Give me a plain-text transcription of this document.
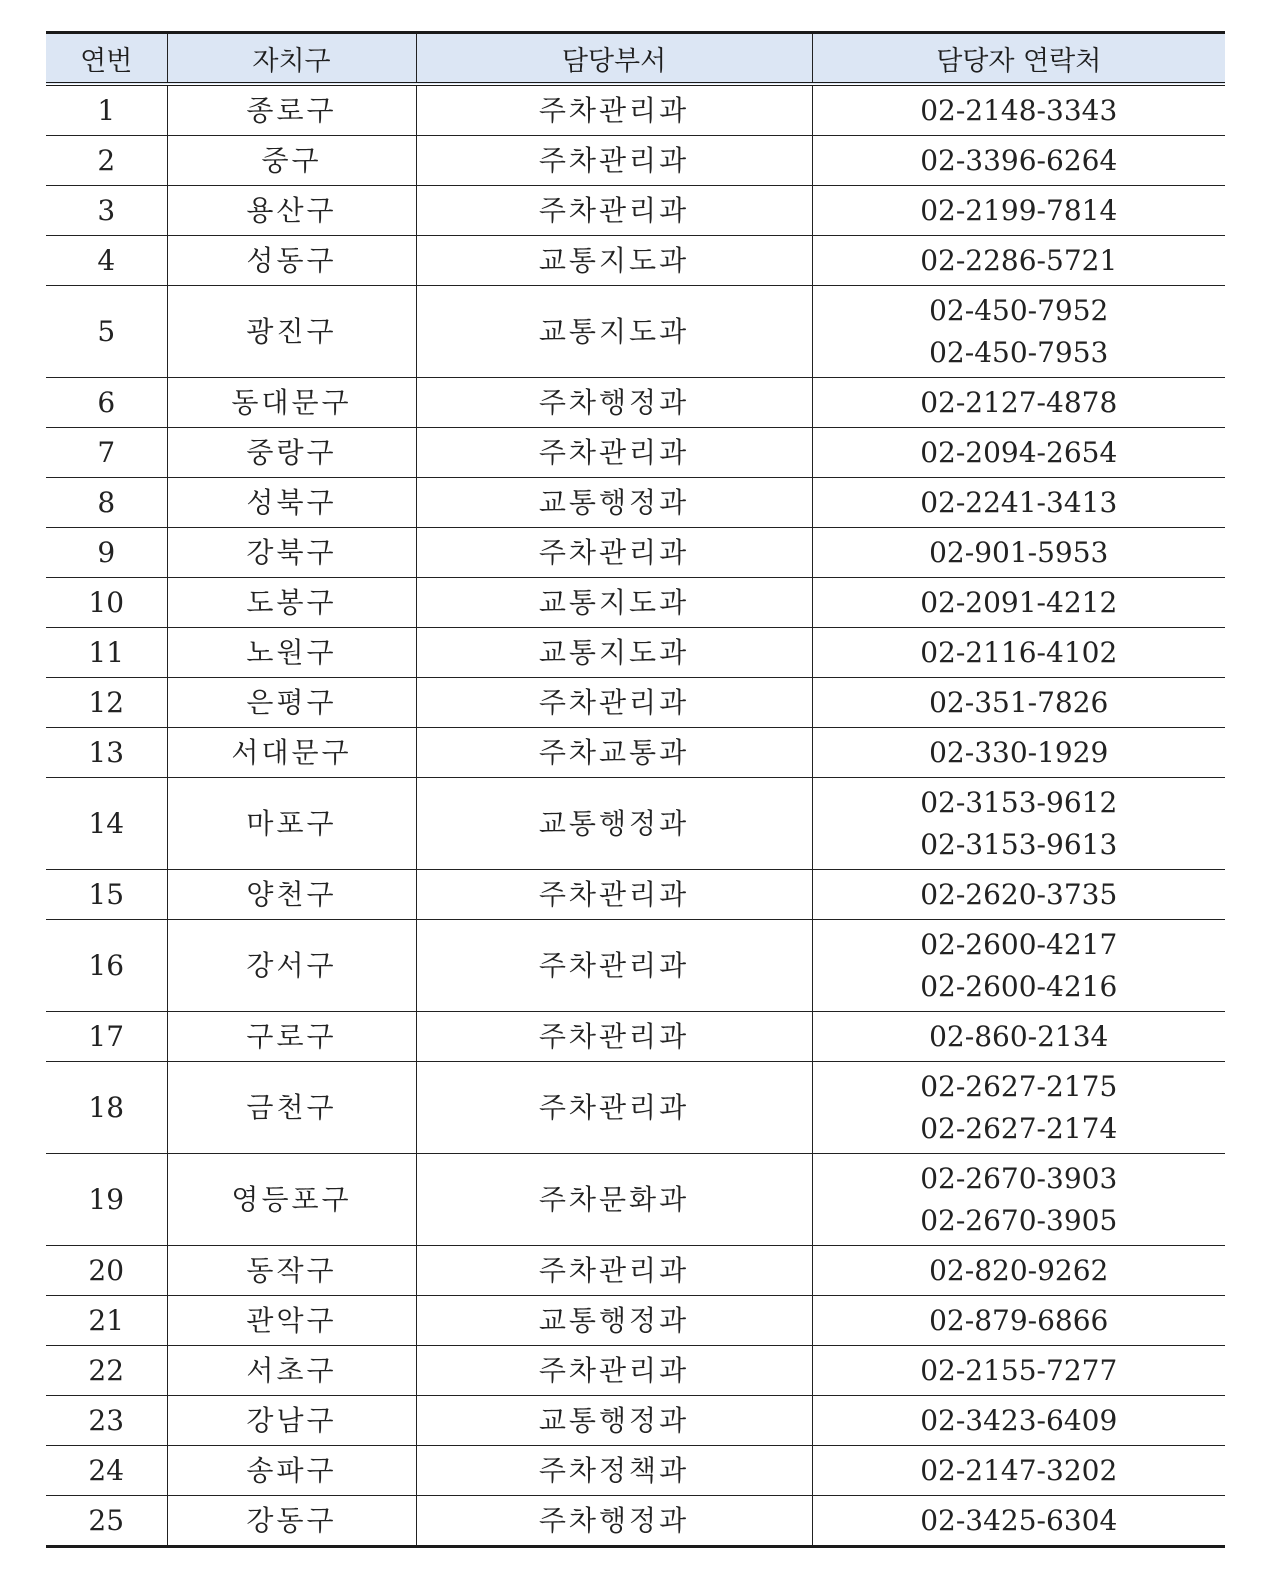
연번	자치구	담당부서	담당자 연락처
1	종로구	주차관리과	02-2148-3343

2	중구	주차관리과	02-3396-6264

3	용산구	주차관리과	02-2199-7814

4	성동구	교통지도과	02-2286-5721

5	광진구	교통지도과	02-450-7952
02-450-7953

6	동대문구	주차행정과	02-2127-4878

7	중랑구	주차관리과	02-2094-2654

8	성북구	교통행정과	02-2241-3413

9	강북구	주차관리과	02-901-5953

10	도봉구	교통지도과	02-2091-4212

11	노원구	교통지도과	02-2116-4102

12	은평구	주차관리과	02-351-7826

13	서대문구	주차교통과	02-330-1929

14	마포구	교통행정과	02-3153-9612
02-3153-9613

15	양천구	주차관리과	02-2620-3735

16	강서구	주차관리과	02-2600-4217
02-2600-4216

17	구로구	주차관리과	02-860-2134

18	금천구	주차관리과	02-2627-2175
02-2627-2174

19	영등포구	주차문화과	02-2670-3903
02-2670-3905

20	동작구	주차관리과	02-820-9262

21	관악구	교통행정과	02-879-6866

22	서초구	주차관리과	02-2155-7277

23	강남구	교통행정과	02-3423-6409

24	송파구	주차정책과	02-2147-3202

25	강동구	주차행정과	02-3425-6304
